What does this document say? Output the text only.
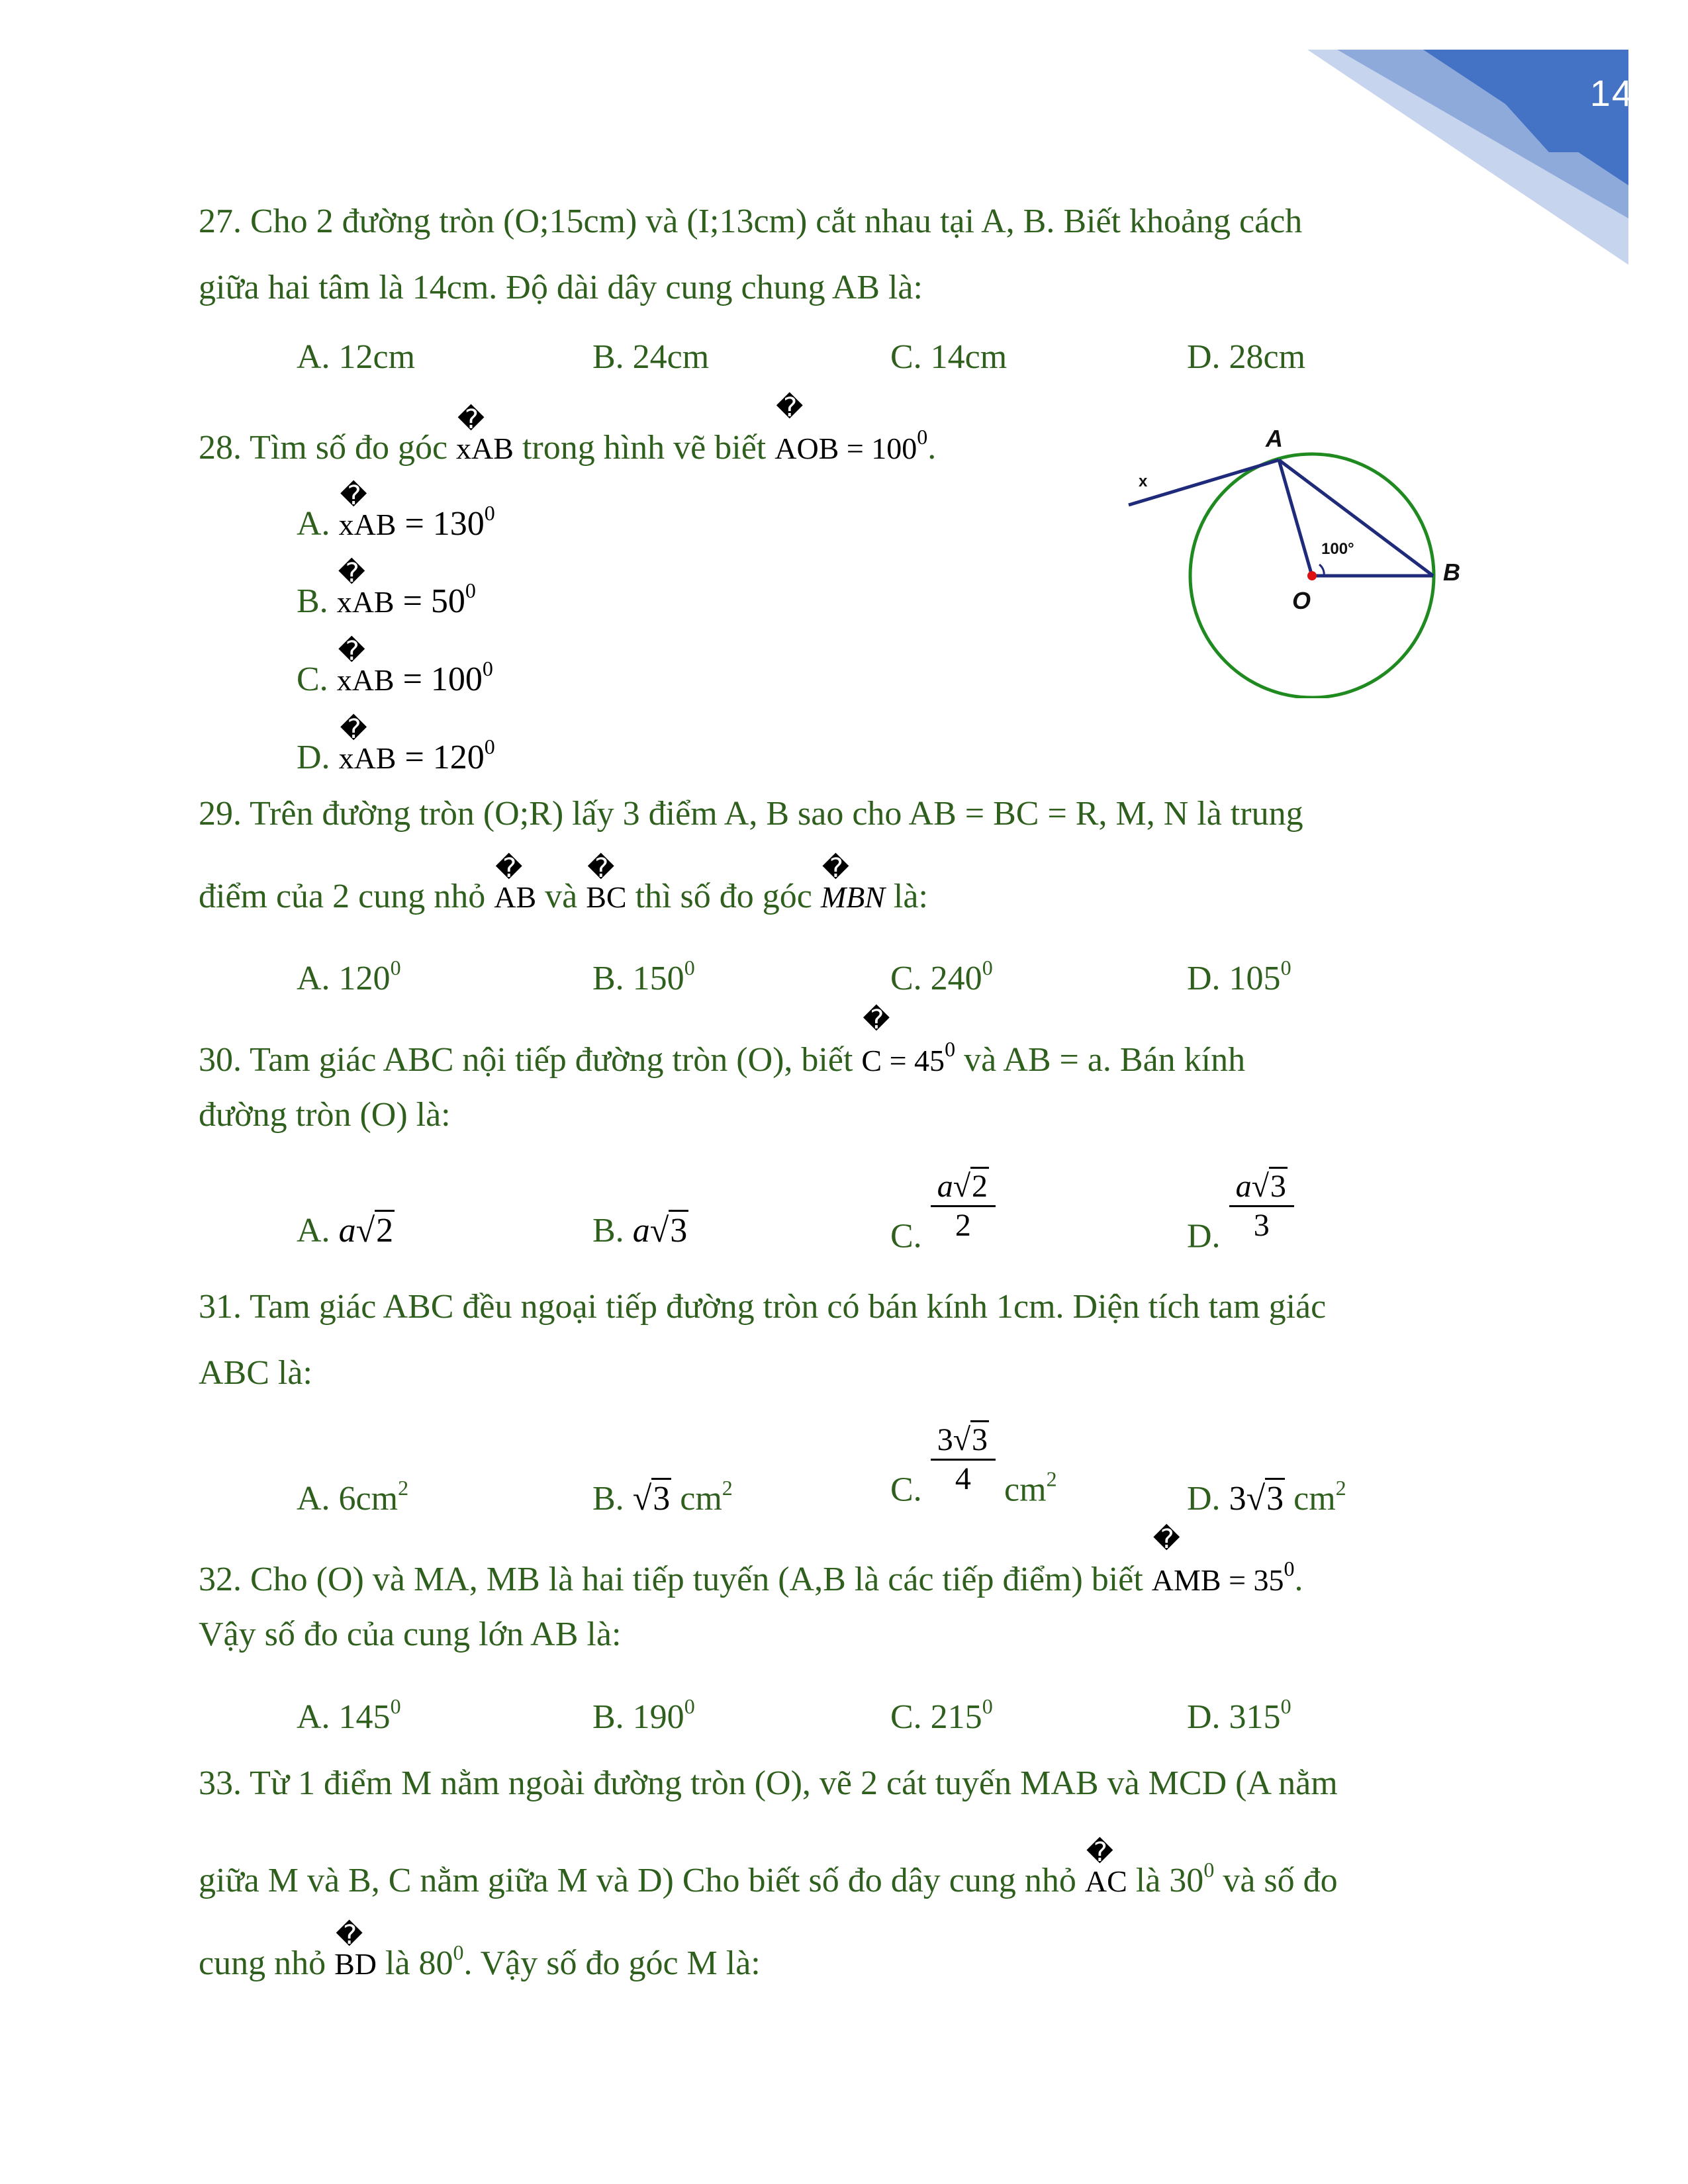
14
27. Cho 2 đường tròn (O;15cm) và (I;13cm) cắt nhau tại A, B. Biết khoảng cách
giữa hai tâm là 14cm. Độ dài dây cung chung AB là:
A. 12cm	B. 24cm	C. 14cm	D. 28cm
28. Tìm số đo góc
�
xAB trong hình vẽ biết
�
AOB = $100^0$.
A.
�
xAB = $130^0$
B.
�
xAB = $50^0$
C.
�
xAB = $100^0$
D.
�
xAB = $120^0$
A
B
O
x
100°
29. Trên đường tròn (O;R) lấy 3 điểm A, B sao cho AB = BC = R, M, N là trung
điểm của 2 cung nhỏ
�
AB và
�
BC thì số đo góc
�
MBN là:
A. $120^0$	B. $150^0$	C. $240^0$	D. $105^0$
30. Tam giác ABC nội tiếp đường tròn (O), biết
�
$C = 45^0$ và AB = a. Bán kính
đường tròn (O) là:
A. a√2	B. a√3	C. $\frac{a√2}{2}$	D. $\frac{a√3}{3}$
31. Tam giác ABC đều ngoại tiếp đường tròn có bán kính 1cm. Diện tích tam giác
ABC là:
A. $6cm^2$	B. √3 $cm^2$	C. $\frac{3√3}{4} cm_2$
D. 3√3 $cm^2$
32. Cho (O) và MA, MB là hai tiếp tuyến (A,B là các tiếp điểm) biết
�
AMB = $35^0$.
Vậy số đo của cung lớn AB là:
A. $145^0$	B. $190^0$	C. $215^0$	D. $315^0$
33. Từ 1 điểm M nằm ngoài đường tròn (O), vẽ 2 cát tuyến MAB và MCD (A nằm
giữa M và B, C nằm giữa M và D) Cho biết số đo dây cung nhỏ
�
AC là $30^0$ và số đo
cung nhỏ
�
BD là $80^0$. Vậy số đo góc M là:
